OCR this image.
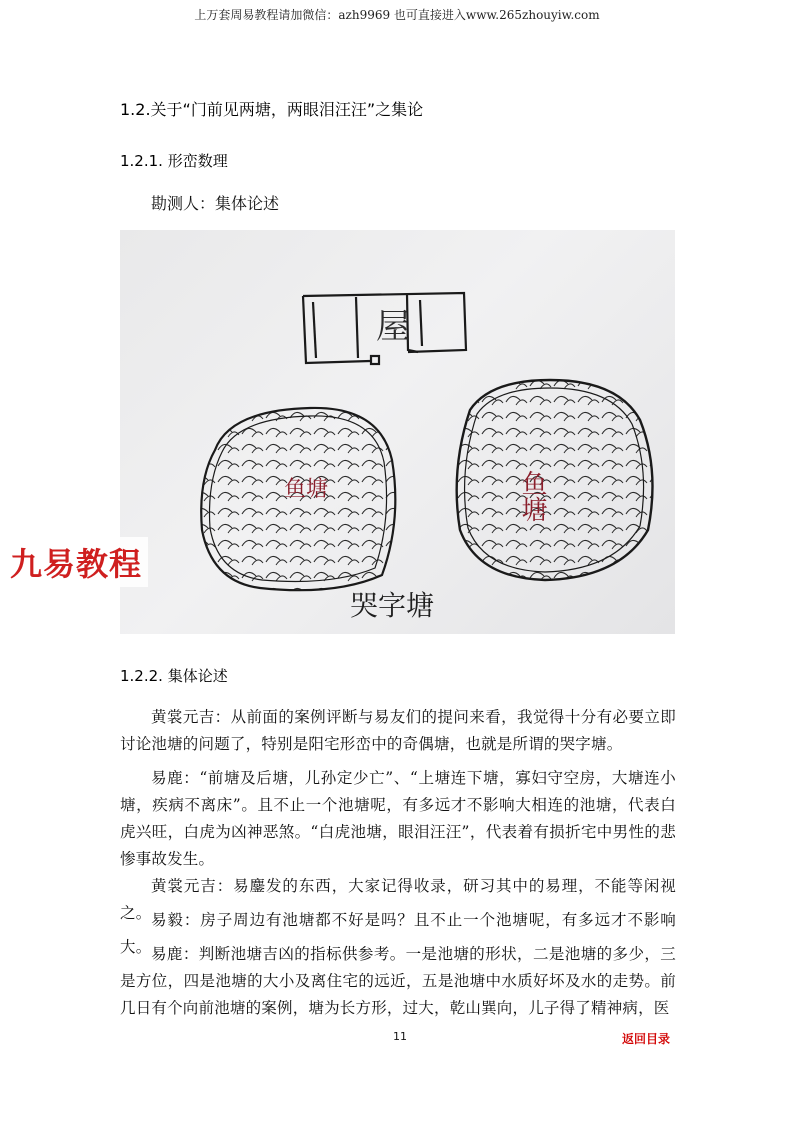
上万套周易教程请加微信：azh9969 也可直接进入www.265zhouyiw.com
1.2.关于“门前见两塘，两眼泪汪汪”之集论
1.2.1. 形峦数理
勘测人：集体论述
屋
鱼塘	鱼塘
哭字塘
九易教程
1.2.2. 集体论述
黄裳元吉：从前面的案例评断与易友们的提问来看，我觉得十分有必要立即讨论池塘的问题了，特别是阳宅形峦中的奇偶塘，也就是所谓的哭字塘。
易鹿：“前塘及后塘，儿孙定少亡”、“上塘连下塘，寡妇守空房，大塘连小塘，疾病不离床”。且不止一个池塘呢，有多远才不影响大相连的池塘，代表白虎兴旺，白虎为凶神恶煞。“白虎池塘，眼泪汪汪”，代表着有损折宅中男性的悲惨事故发生。
黄裳元吉：易鏖发的东西，大家记得收录，研习其中的易理，不能等闲视之。 易毅：房子周边有池塘都不好是吗？且不止一个池塘呢，有多远才不影响大。 易鹿：判断池塘吉凶的指标供参考。一是池塘的形状，二是池塘的多少，三是方位，四是池塘的大小及离住宅的远近，五是池塘中水质好坏及水的走势。前几日有个向前池塘的案例，塘为长方形，过大，乾山巽向，儿子得了精神病，医
11	返回目录
